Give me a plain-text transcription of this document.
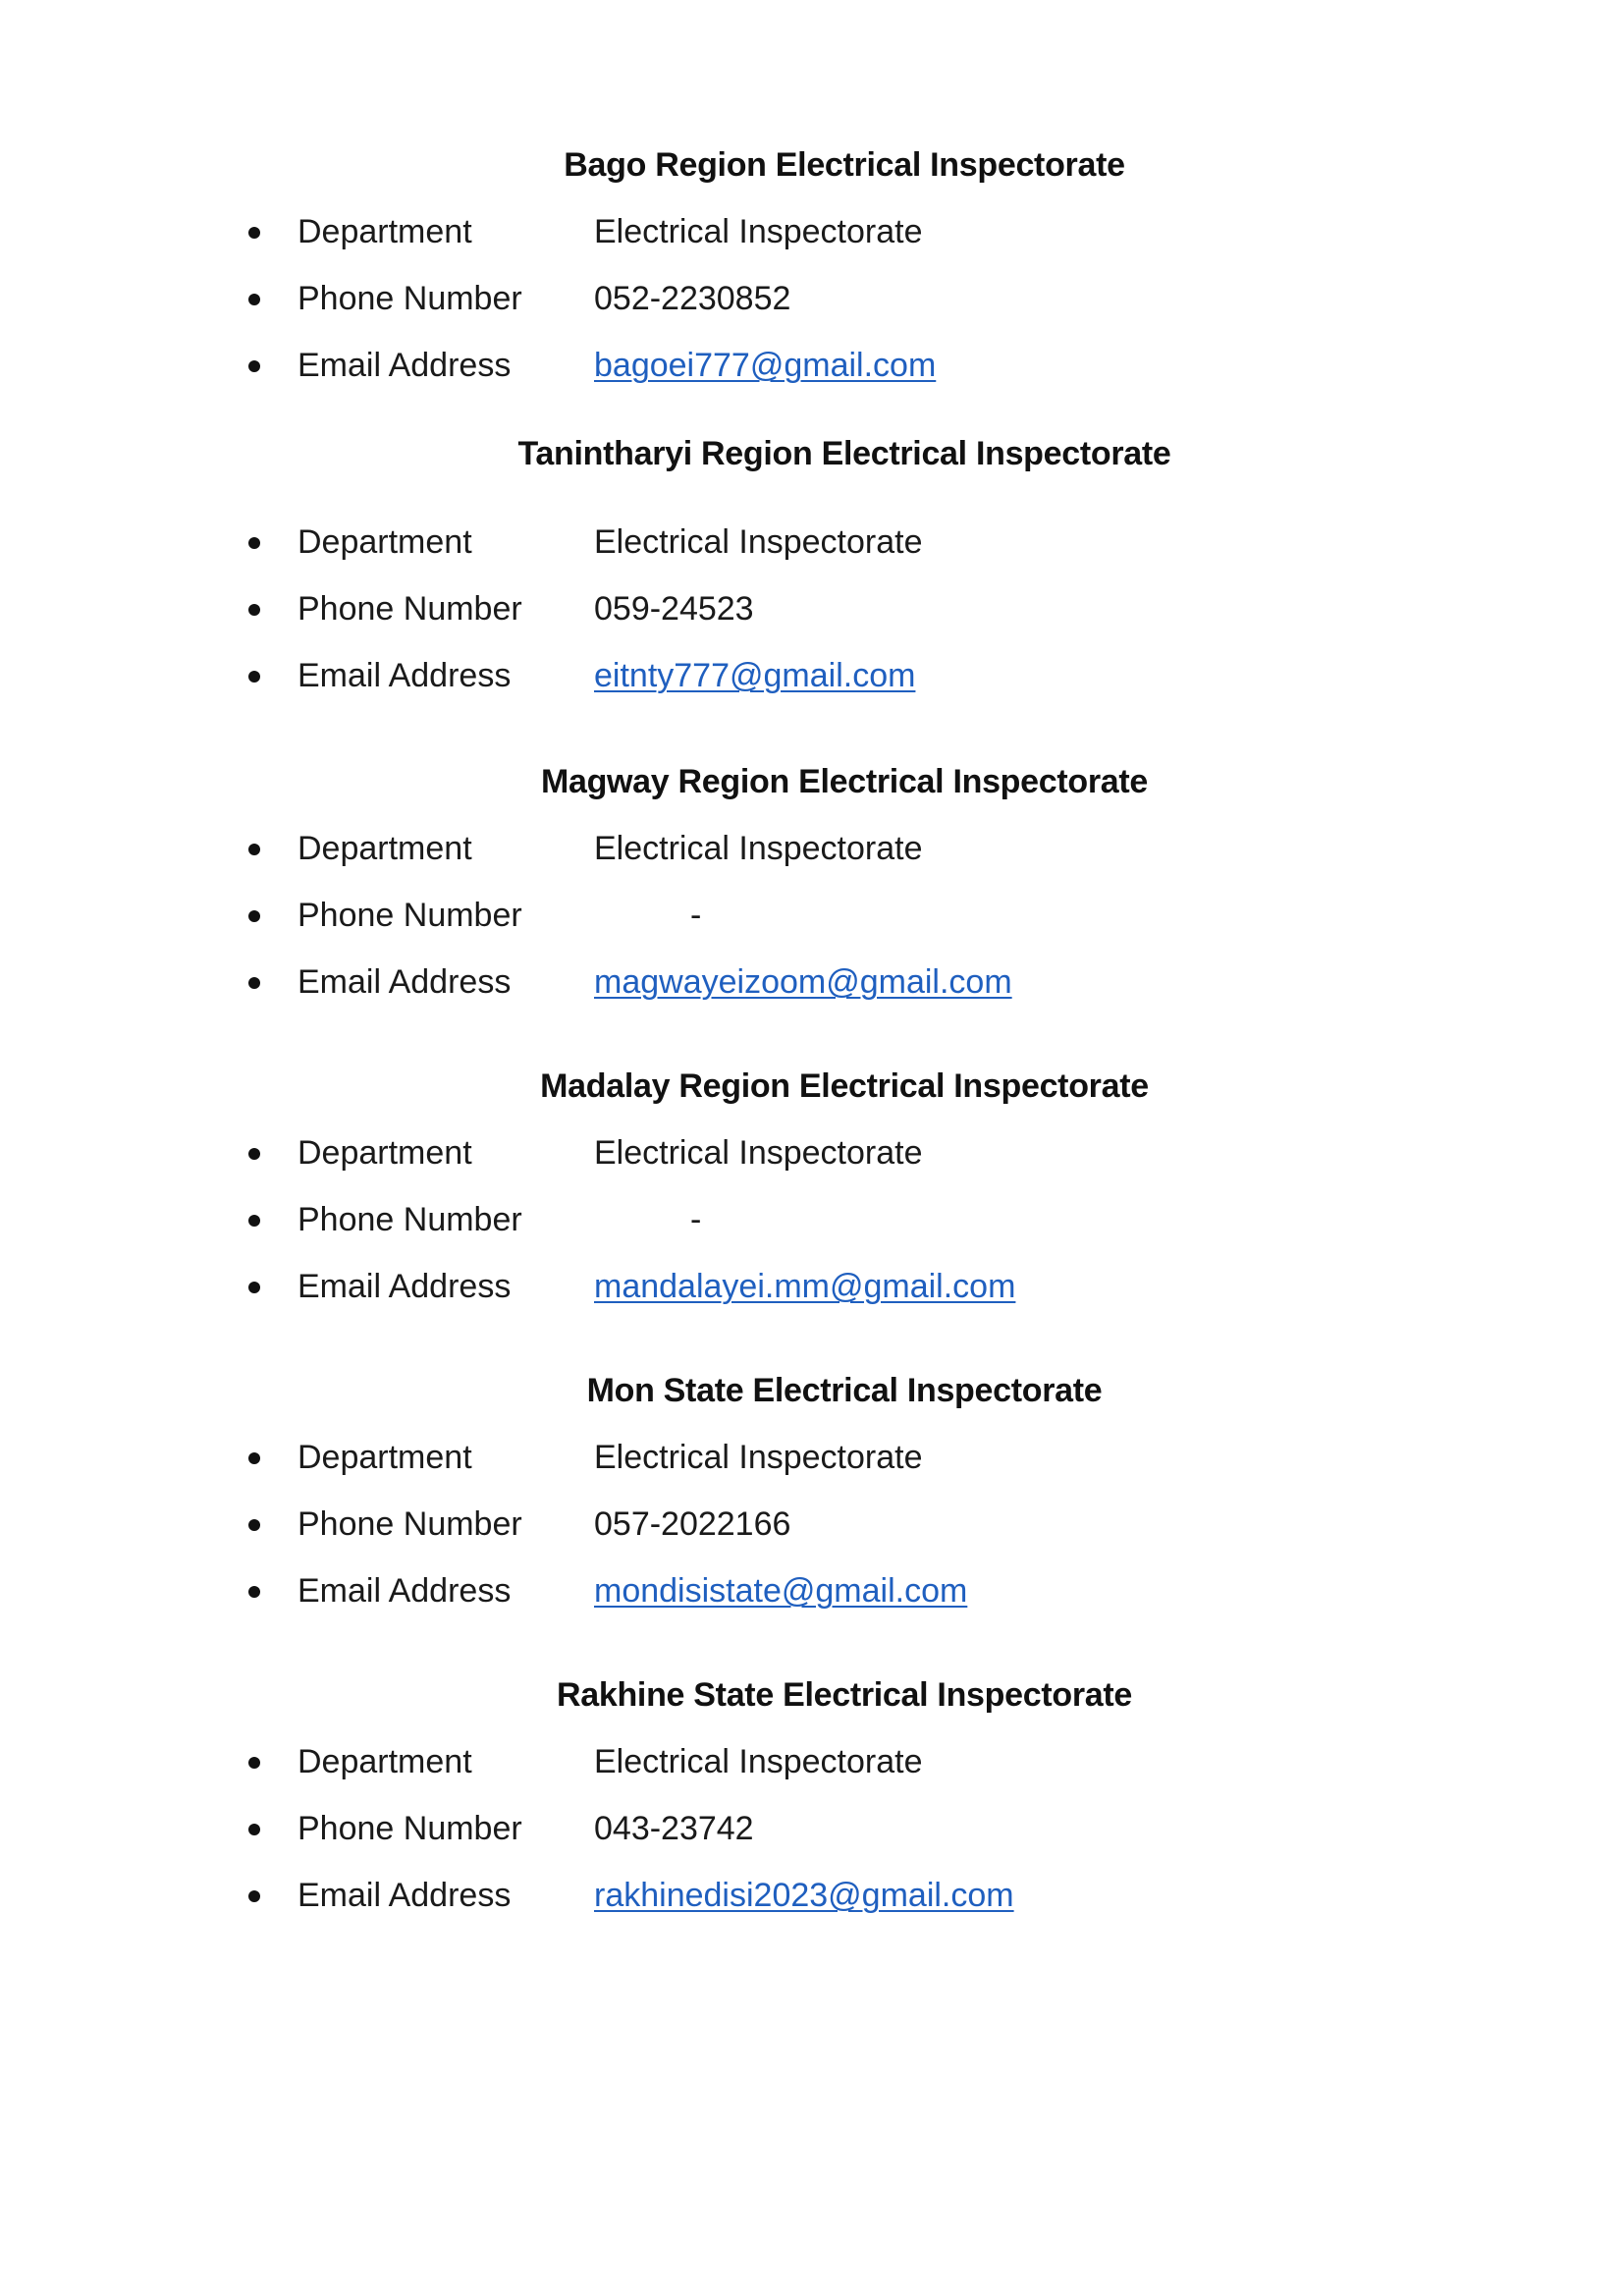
Bago Region Electrical Inspectorate
Department	Electrical Inspectorate
Phone Number 052-2230852
Email Address bagoei777@gmail.com
Tanintharyi Region Electrical Inspectorate
Department	Electrical Inspectorate
Phone Number 059-24523
Email Address eitnty777@gmail.com
Magway Region Electrical Inspectorate
Department	Electrical Inspectorate
Phone Number	-
Email Address magwayeizoom@gmail.com
Madalay Region Electrical Inspectorate
Department	Electrical Inspectorate
Phone Number	-
Email Address mandalayei.mm@gmail.com
Mon State Electrical Inspectorate
Department	Electrical Inspectorate
Phone Number 057-2022166
Email Address mondisistate@gmail.com
Rakhine State Electrical Inspectorate
Department	Electrical Inspectorate
Phone Number 043-23742
Email Address rakhinedisi2023@gmail.com
